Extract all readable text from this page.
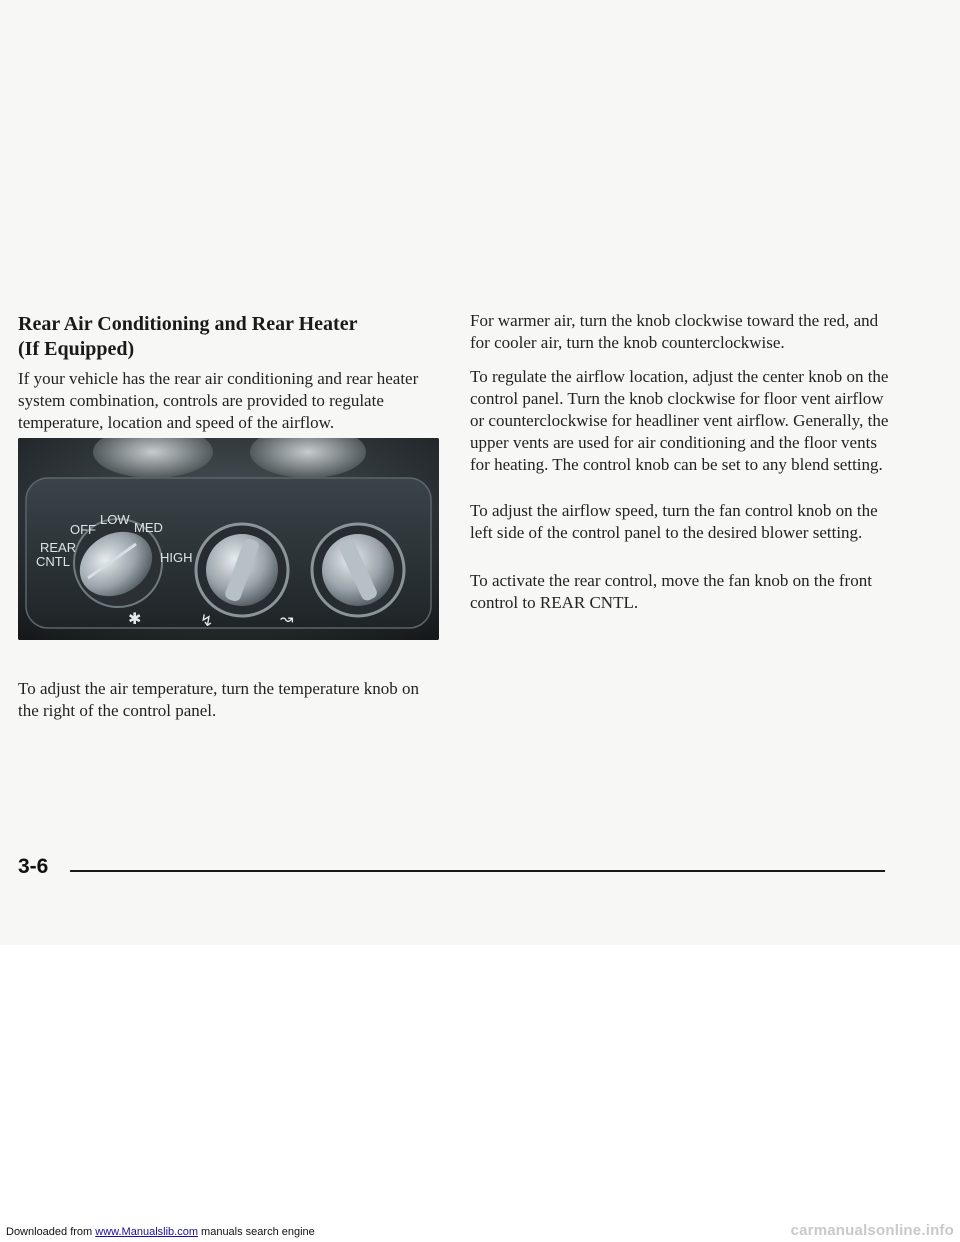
Rear Air Conditioning and Rear Heater
(If Equipped)

If your vehicle has the rear air conditioning and rear heater system combination, controls are provided to regulate temperature, location and speed of the airflow.

OFF
LOW
MED
HIGH
REAR
CNTL
✱	↯	↝

To adjust the air temperature, turn the temperature knob on the right of the control panel.

For warmer air, turn the knob clockwise toward the red, and for cooler air, turn the knob counterclockwise.

To regulate the airflow location, adjust the center knob on the control panel. Turn the knob clockwise for floor vent airflow or counterclockwise for headliner vent airflow. Generally, the upper vents are used for air conditioning and the floor vents for heating. The control knob can be set to any blend setting.

To adjust the airflow speed, turn the fan control knob on the left side of the control panel to the desired blower setting.

To activate the rear control, move the fan knob on the front control to REAR CNTL.

3-6
Downloaded from www.Manualslib.com manuals search engine	carmanualsonline.info
